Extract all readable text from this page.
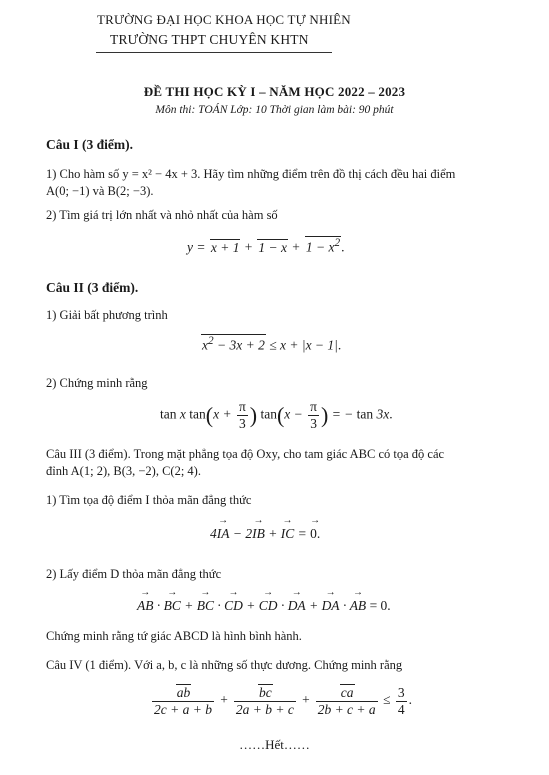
TRƯỜNG ĐẠI HỌC KHOA HỌC TỰ NHIÊN
TRƯỜNG THPT CHUYÊN KHTN
ĐỀ THI HỌC KỲ I – NĂM HỌC 2022 – 2023
Môn thi: TOÁN Lớp: 10 Thời gian làm bài: 90 phút
Câu I (3 điểm).
1) Cho hàm số y = x² − 4x + 3. Hãy tìm những điểm trên đồ thị cách đều hai điểm
A(0; −1) và B(2; −3).
2) Tìm giá trị lớn nhất và nhỏ nhất của hàm số
$y = x + 1 + 1 - x + 1 - x^2$.
Câu II (3 điểm).
1) Giải bất phương trình
$x^2 - 3x + 2 \le x + |x - 1|$.
2) Chứng minh rằng
tan x $\tan(x + \frac{\pi}{3}$ ) $\tan(x - \frac{\pi}{3}$ ) = − tan 3x.
Câu III (3 điểm). Trong mặt phẳng tọa độ Oxy, cho tam giác ABC có tọa độ các
đỉnh A(1; 2), B(3, −2), C(2; 4).
1) Tìm tọa độ điểm I thỏa mãn đẳng thức
4→ IA − 2→ IB + → IC = → 0.
2) Lấy điểm D thỏa mãn đẳng thức
→ AB · → BC + → BC · → CD + → CD · → DA + → DA · → AB = 0.
Chứng minh rằng tứ giác ABCD là hình bình hành.
Câu IV (1 điểm). Với a, b, c là những số thực dương. Chứng minh rằng
$\frac{ab}{2c + a + b} + \frac{bc}{2a + b + c} + \frac{ca}{2b + c + a} \le \frac{3}{4}$ .
……Hết……
